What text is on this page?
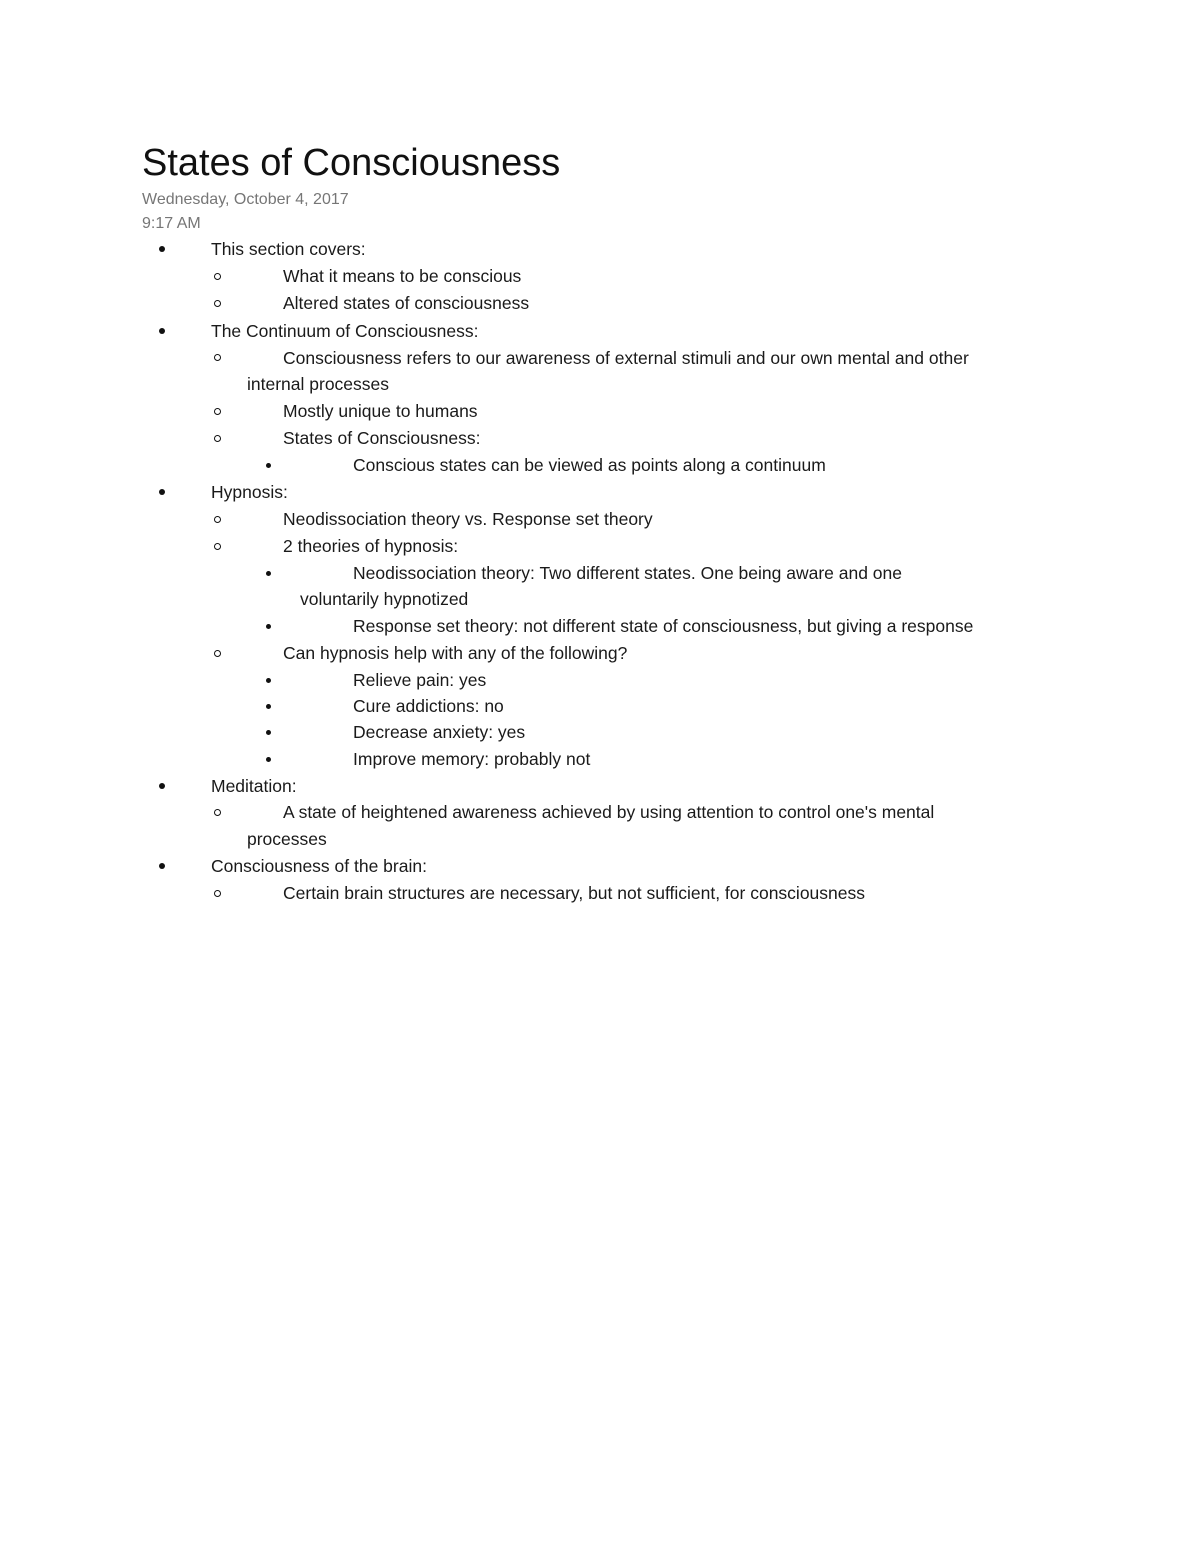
States of Consciousness
Wednesday, October 4, 2017
9:17 AM
This section covers:
What it means to be conscious
Altered states of consciousness
The Continuum of Consciousness:
Consciousness refers to our awareness of external stimuli and our own mental and other
internal processes
Mostly unique to humans
States of Consciousness:
Conscious states can be viewed as points along a continuum
Hypnosis:
Neodissociation theory vs. Response set theory
2 theories of hypnosis:
Neodissociation theory: Two different states. One being aware and one
voluntarily hypnotized
Response set theory: not different state of consciousness, but giving a response
Can hypnosis help with any of the following?
Relieve pain: yes
Cure addictions: no
Decrease anxiety: yes
Improve memory: probably not
Meditation:
A state of heightened awareness achieved by using attention to control one's mental
processes
Consciousness of the brain:
Certain brain structures are necessary, but not sufficient, for consciousness
